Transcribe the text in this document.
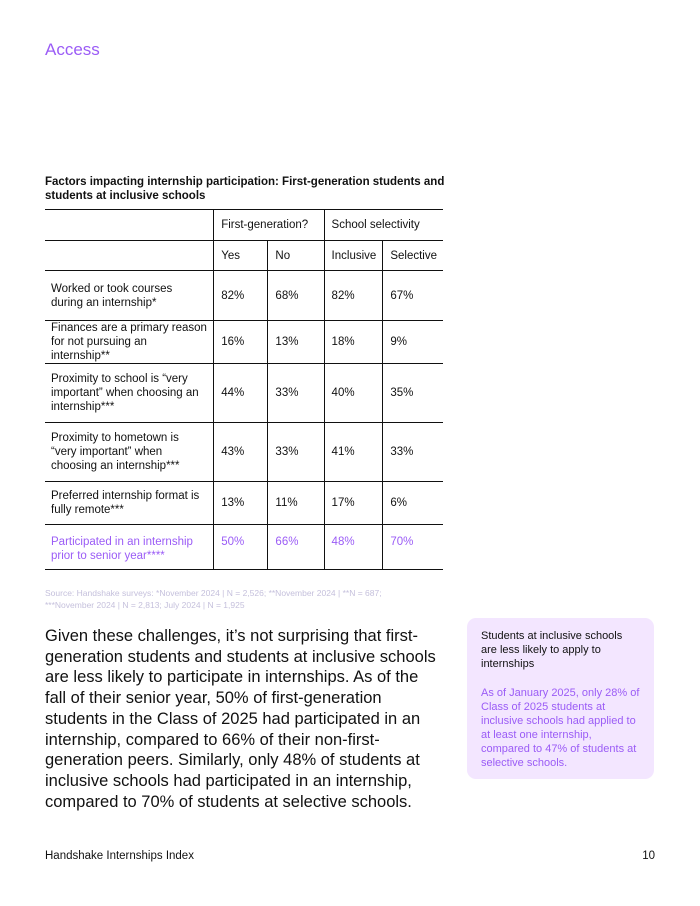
Access
Factors impacting internship participation: First-generation students and students at inclusive schools
	First-generation?		School selectivity	
	Yes	No	Inclusive	Selective
Worked or took courses during an internship*	82%	68%	82%	67%
Finances are a primary reason for not pursuing an internship**	16%	13%	18%	9%
Proximity to school is “very important” when choosing an internship***	44%	33%	40%	35%
Proximity to hometown is “very important” when choosing an internship***	43%	33%	41%	33%
Preferred internship format is fully remote***	13%	11%	17%	6%
Participated in an internship prior to senior year****	50%	66%	48%	70%
Source: Handshake surveys: *November 2024 | N = 2,526; **November 2024 | **N = 687; ***November 2024 | N = 2,813; July 2024 | N = 1,925
Given these challenges, it’s not surprising that first-generation students and students at inclusive schools are less likely to participate in internships. As of the fall of their senior year, 50% of first-generation students in the Class of 2025 had participated in an internship, compared to 66% of their non-first-generation peers. Similarly, only 48% of students at inclusive schools had participated in an internship, compared to 70% of students at selective schools.
Students at inclusive schools are less likely to apply to internships
As of January 2025, only 28% of Class of 2025 students at inclusive schools had applied to at least one internship, compared to 47% of students at selective schools.
Handshake Internships Index	10
